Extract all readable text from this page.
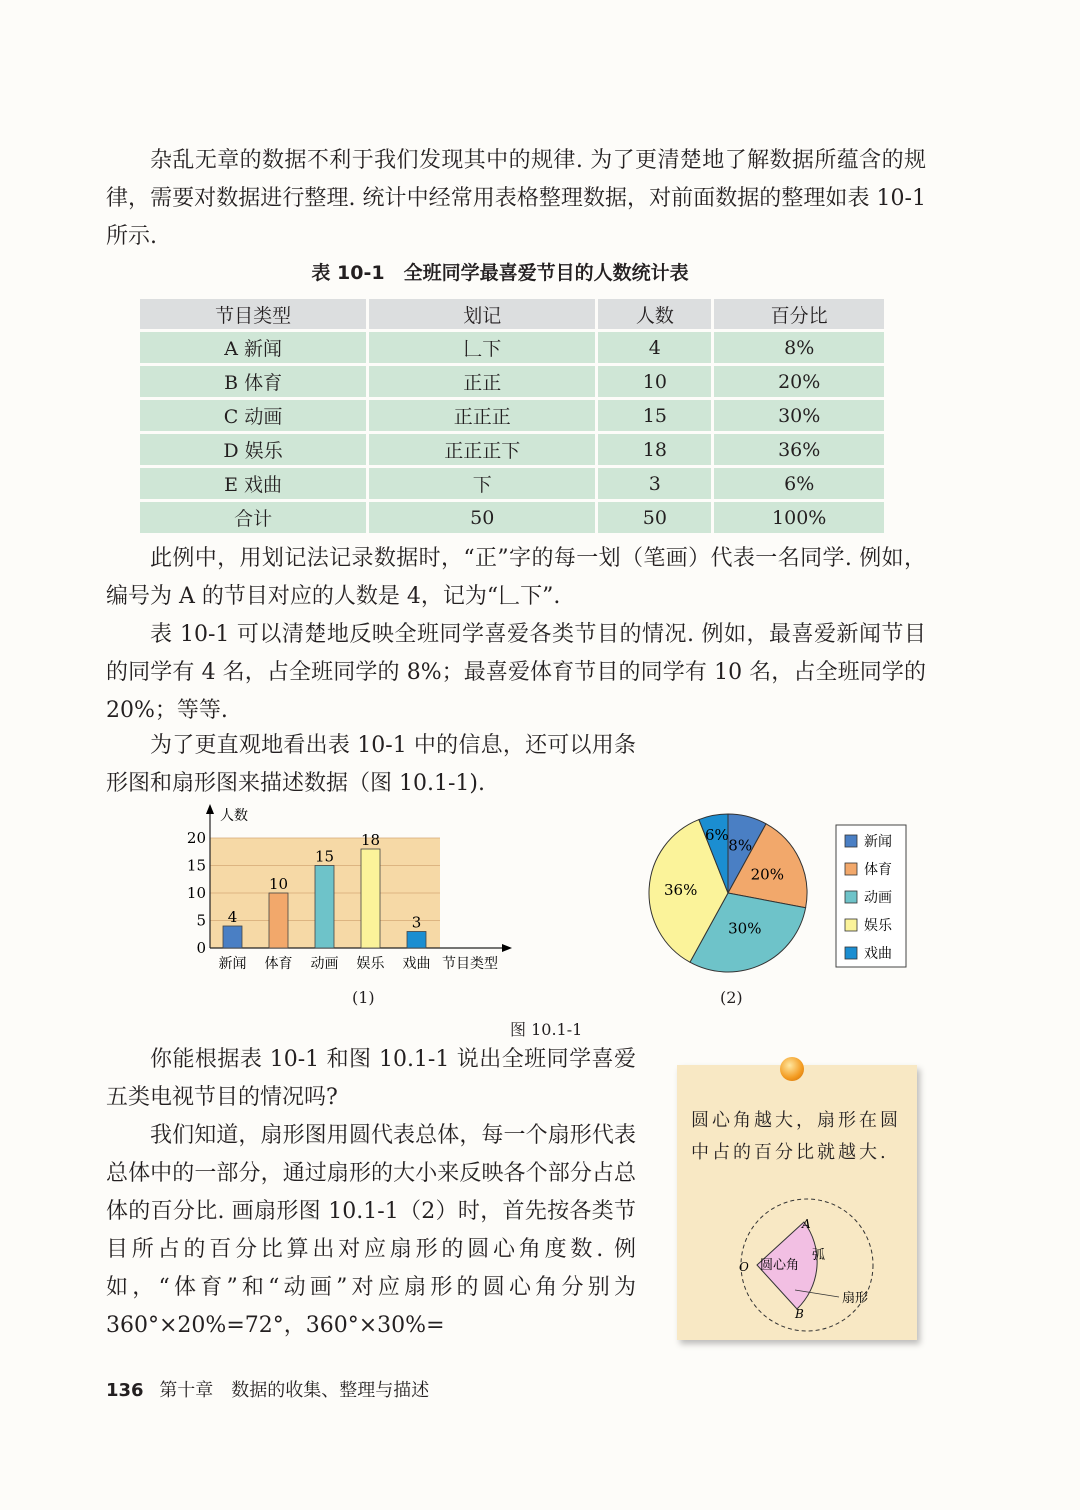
杂乱无章的数据不利于我们发现其中的规律. 为了更清楚地了解数据所蕴含的规律，需要对数据进行整理. 统计中经常用表格整理数据，对前面数据的整理如表 10-1 所示.

表 10-1　全班同学最喜爱节目的人数统计表
节目类型	划记	人数	百分比
A 新闻	𠃊下	4	8%
B 体育	正正	10	20%
C 动画	正正正	15	30%
D 娱乐	正正正下	18	36%
E 戏曲	下	3	6%
合计	50	50	100%

此例中，用划记法记录数据时，“正”字的每一划（笔画）代表一名同学. 例如，编号为 A 的节目对应的人数是 4，记为“𠃊下”.

表 10-1 可以清楚地反映全班同学喜爱各类节目的情况. 例如，最喜爱新闻节目的同学有 4 名，占全班同学的 8%；最喜爱体育节目的同学有 10 名，占全班同学的 20%；等等.

为了更直观地看出表 10-1 中的信息，还可以用条形图和扇形图来描述数据（图 10.1-1).

0
5
10
15
20
人数
节目类型
4
新闻
10
体育
15
动画
18
娱乐
3
戏曲
(1)
8%
20%
30%
36%
6%	新闻
体育
动画
娱乐
戏曲
(2)
图 10.1-1

你能根据表 10-1 和图 10.1-1 说出全班同学喜爱五类电视节目的情况吗?

我们知道，扇形图用圆代表总体，每一个扇形代表总体中的一部分，通过扇形的大小来反映各个部分占总体的百分比. 画扇形图 10.1-1（2）时，首先按各类节目所占的百分比算出对应扇形的圆心角度数. 例如，“体育”和“动画”对应扇形的圆心角分别为 360°×20%=72°，360°×30%=

圆心角越大，扇形在圆中占的百分比就越大.

O
A
B
圆心角
弧
扇形
136 第十章　数据的收集、整理与描述
